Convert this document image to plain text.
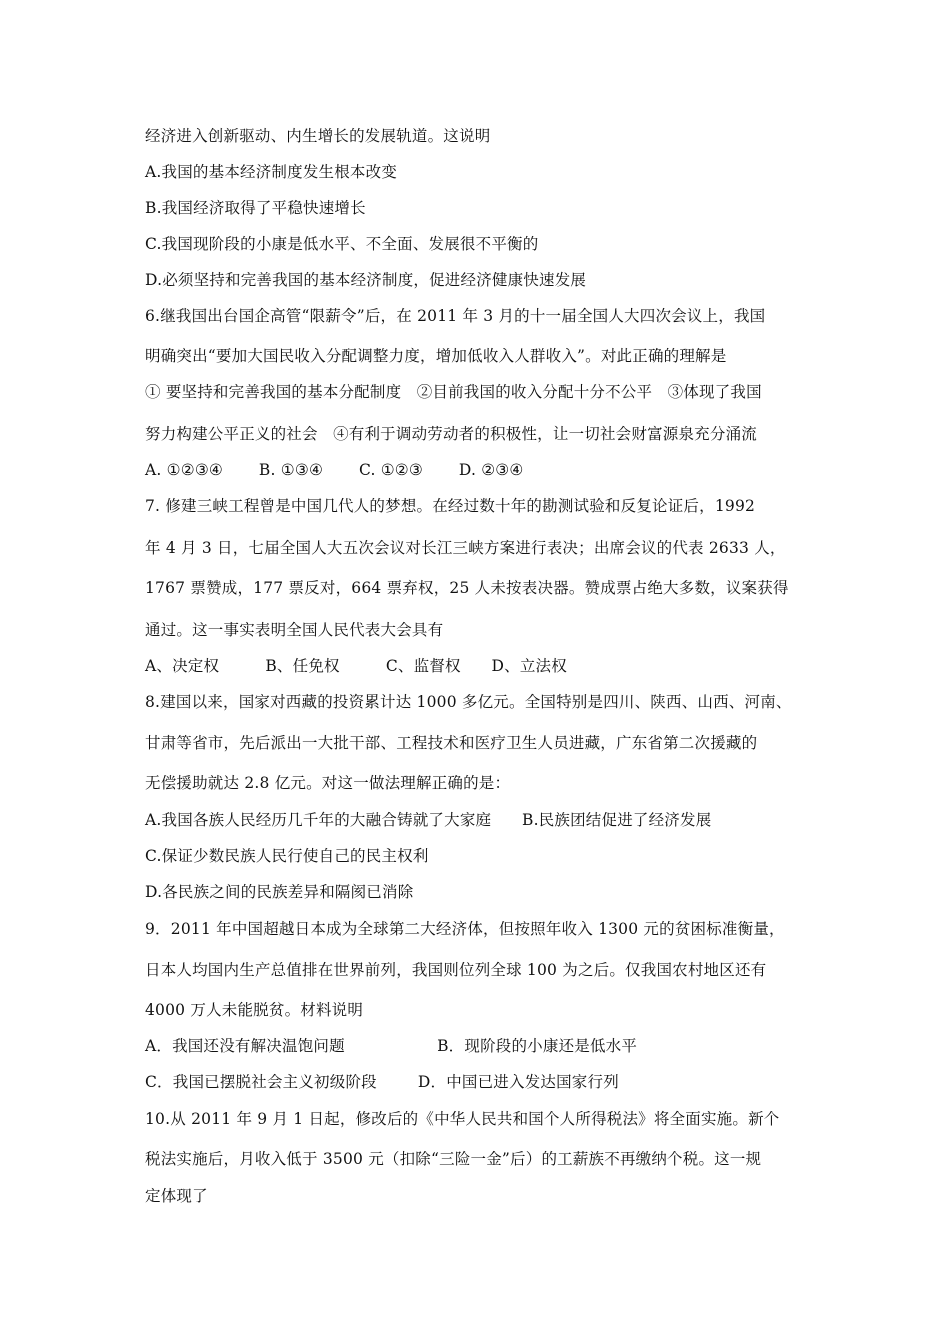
经济进入创新驱动、内生增长的发展轨道。这说明
A.我国的基本经济制度发生根本改变
B.我国经济取得了平稳快速增长
C.我国现阶段的小康是低水平、不全面、发展很不平衡的
D.必须坚持和完善我国的基本经济制度，促进经济健康快速发展
6.继我国出台国企高管“限薪令”后，在 2011 年 3 月的十一届全国人大四次会议上，我国
明确突出“要加大国民收入分配调整力度，增加低收入人群收入”。对此正确的理解是
① 要坚持和完善我国的基本分配制度   ②目前我国的收入分配十分不公平   ③体现了我国
努力构建公平正义的社会   ④有利于调动劳动者的积极性，让一切社会财富源泉充分涌流
A. ①②③④       B. ①③④       C. ①②③       D. ②③④
7. 修建三峡工程曾是中国几代人的梦想。在经过数十年的勘测试验和反复论证后，1992
年 4 月 3 日，七届全国人大五次会议对长江三峡方案进行表决；出席会议的代表 2633 人，
1767 票赞成，177 票反对，664 票弃权，25 人未按表决器。赞成票占绝大多数，议案获得
通过。这一事实表明全国人民代表大会具有
A、决定权         B、任免权         C、监督权      D、立法权
8.建国以来，国家对西藏的投资累计达 1000 多亿元。全国特别是四川、陕西、山西、河南、
甘肃等省市，先后派出一大批干部、工程技术和医疗卫生人员进藏，广东省第二次援藏的
无偿援助就达 2.8 亿元。对这一做法理解正确的是：
A.我国各族人民经历几千年的大融合铸就了大家庭      B.民族团结促进了经济发展
C.保证少数民族人民行使自己的民主权利
D.各民族之间的民族差异和隔阂已消除
9．2011 年中国超越日本成为全球第二大经济体，但按照年收入 1300 元的贫困标准衡量，
日本人均国内生产总值排在世界前列，我国则位列全球 100 为之后。仅我国农村地区还有
4000 万人未能脱贫。材料说明
A．我国还没有解决温饱问题                  B．现阶段的小康还是低水平
C．我国已摆脱社会主义初级阶段        D．中国已进入发达国家行列
10.从 2011 年 9 月 1 日起，修改后的《中华人民共和国个人所得税法》将全面实施。新个
税法实施后，月收入低于 3500 元（扣除“三险一金”后）的工薪族不再缴纳个税。这一规
定体现了
